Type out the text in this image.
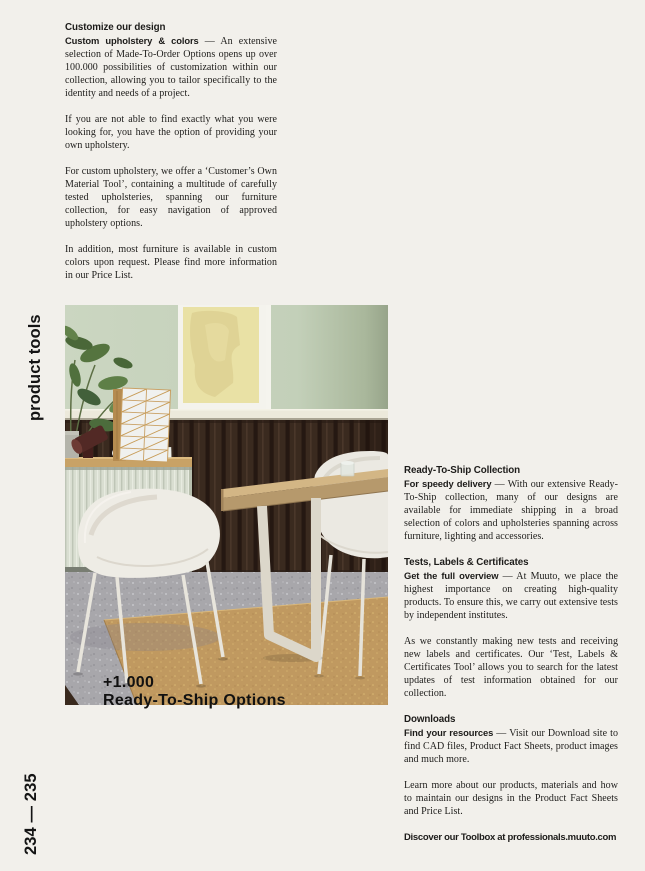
Customize our design

Custom upholstery & colors — An extensive selection of Made-To-Order Options opens up over 100.000 possibilities of customization within our collection, allowing you to tailor specifically to the identity and needs of a project.

If you are not able to find exactly what you were looking for, you have the option of providing your own upholstery.

For custom upholstery, we offer a ‘Customer’s Own Material Tool’, containing a multitude of carefully tested upholsteries, spanning our furniture collection, for easy navigation of approved upholstery options.

In addition, most furniture is available in custom colors upon request. Please find more information in our Price List.

product tools
234 — 235
+1.000
Ready-To-Ship Options
Ready-To-Ship Collection

For speedy delivery — With our extensive Ready-To-Ship collection, many of our designs are available for immediate shipping in a broad selection of colors and upholsteries spanning across furniture, lighting and accessories.

Tests, Labels & Certificates

Get the full overview — At Muuto, we place the highest importance on creating high-quality products. To ensure this, we carry out extensive tests by independent institutes.

As we constantly making new tests and receiving new labels and certificates. Our ‘Test, Labels & Certificates Tool’ allows you to search for the latest updates of test information obtained for our collection.

Downloads

Find your resources — Visit our Download site to find CAD files, Product Fact Sheets, product images and much more.

Learn more about our products, materials and how to maintain our designs in the Product Fact Sheets and Price List.

Discover our Toolbox at professionals.muuto.com
